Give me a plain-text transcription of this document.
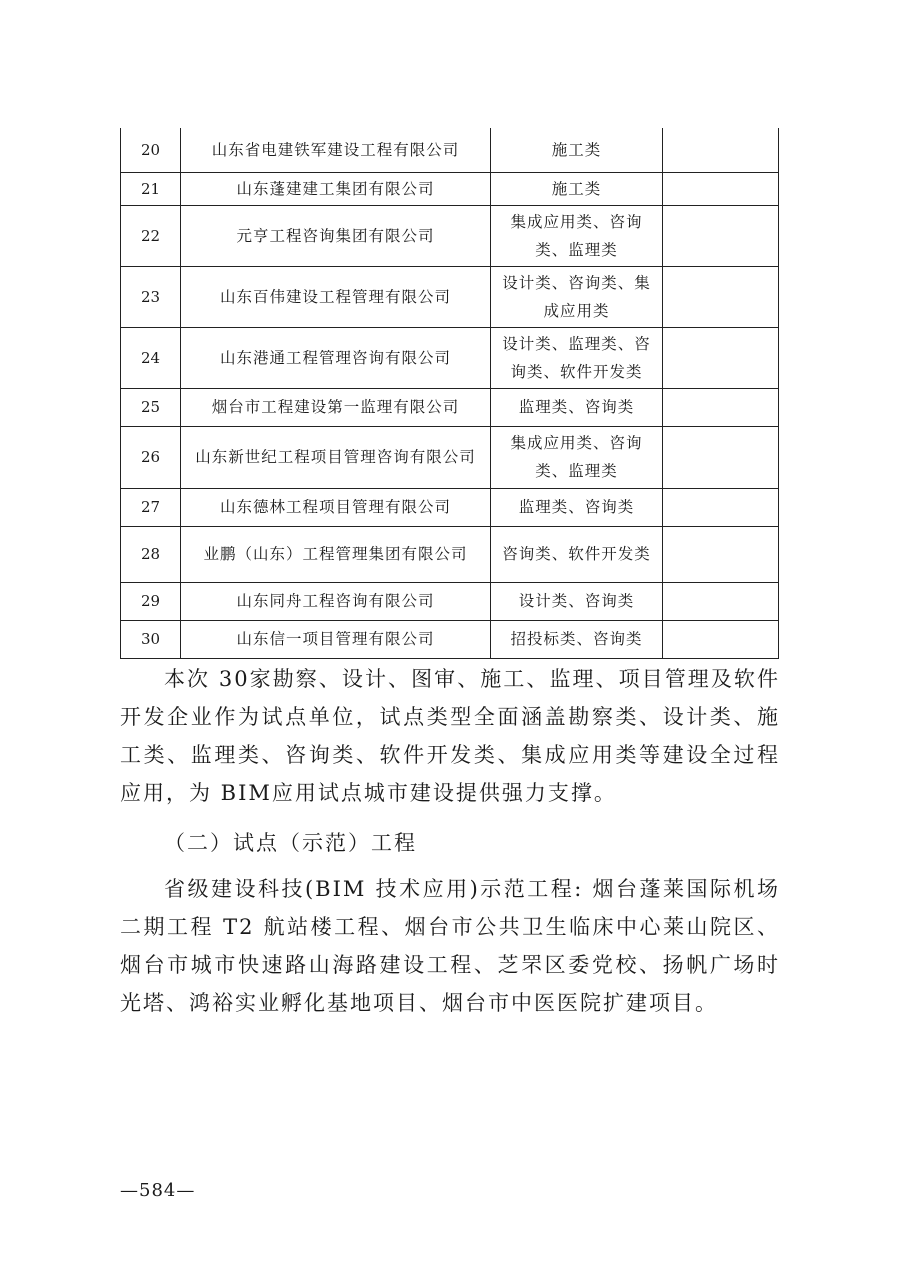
20	山东省电建铁军建设工程有限公司	施工类	
21	山东蓬建建工集团有限公司	施工类	
22	元亨工程咨询集团有限公司	集成应用类、咨询类、监理类	
23	山东百伟建设工程管理有限公司	设计类、咨询类、集成应用类	
24	山东港通工程管理咨询有限公司	设计类、监理类、咨询类、软件开发类	
25	烟台市工程建设第一监理有限公司	监理类、咨询类	
26	山东新世纪工程项目管理咨询有限公司	集成应用类、咨询类、监理类	
27	山东德林工程项目管理有限公司	监理类、咨询类	
28	业鹏（山东）工程管理集团有限公司	咨询类、软件开发类	
29	山东同舟工程咨询有限公司	设计类、咨询类	
30	山东信一项目管理有限公司	招投标类、咨询类	

本次 30家勘察、设计、图审、施工、监理、项目管理及软件开发企业作为试点单位，试点类型全面涵盖勘察类、设计类、施工类、监理类、咨询类、软件开发类、集成应用类等建设全过程应用，为 BIM应用试点城市建设提供强力支撑。

（二）试点（示范）工程

省级建设科技(BIM 技术应用)示范工程: 烟台蓬莱国际机场二期工程 T2 航站楼工程、烟台市公共卫生临床中心莱山院区、烟台市城市快速路山海路建设工程、芝罘区委党校、扬帆广场时光塔、鸿裕实业孵化基地项目、烟台市中医医院扩建项目。

—584—
